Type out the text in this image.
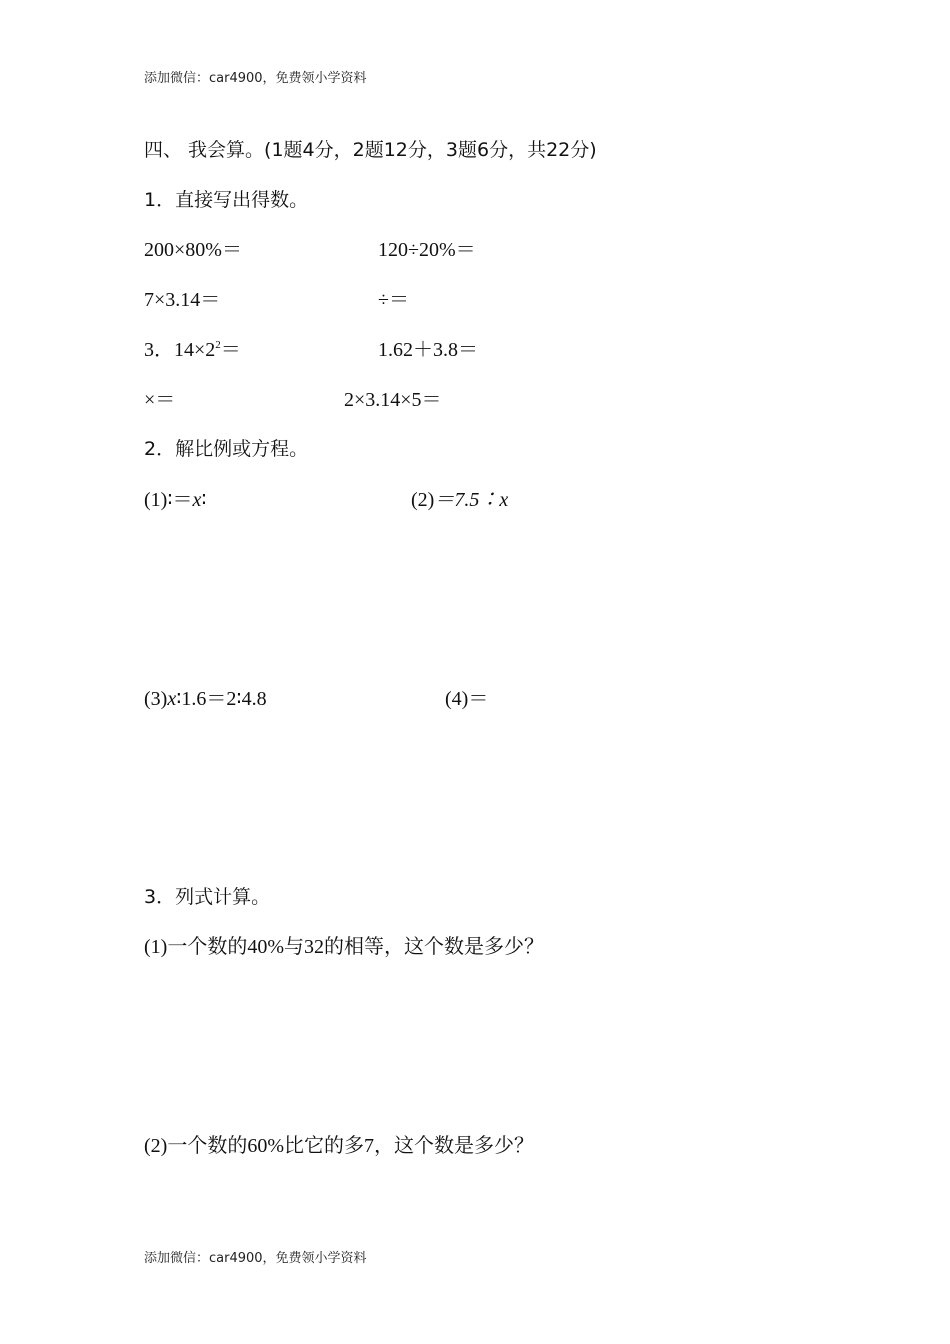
添加微信：car4900，免费领小学资料
四、 我会算。(1题4分，2题12分，3题6分，共22分)
1．直接写出得数。
200×80%＝	120÷20%＝
7×3.14＝	÷＝
3．$14\times 2^2=$	1.62＋3.8＝
×＝	2×3.14×5＝
2．解比例或方程。
(1)∶＝x∶	(2)＝7.5∶x
(3)x∶1.6＝2∶4.8	(4)＝
3．列式计算。
(1)一个数的40%与32的相等，这个数是多少？
(2)一个数的60%比它的多7，这个数是多少？
添加微信：car4900，免费领小学资料
